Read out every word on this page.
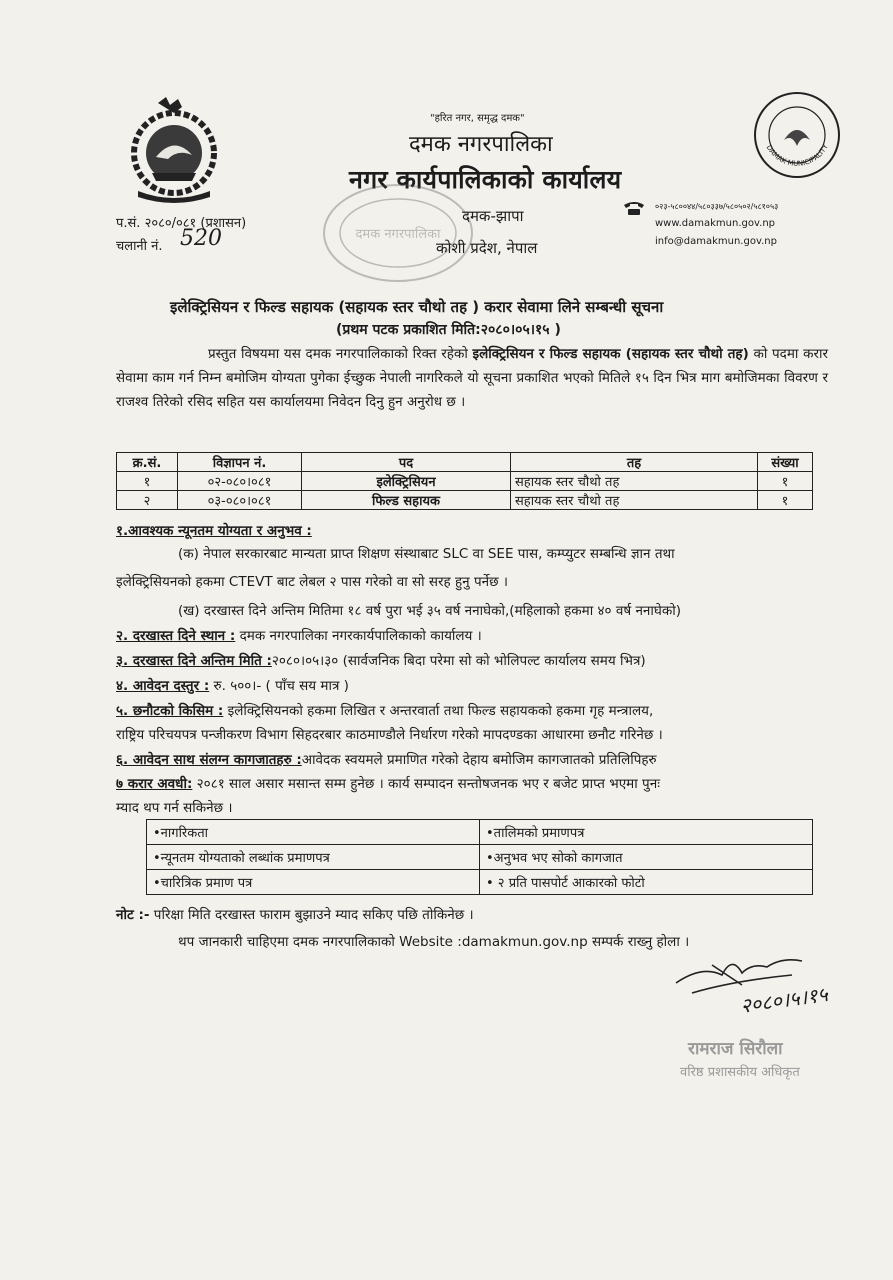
"हरित नगर, समृद्ध दमक"
दमक नगरपालिका
नगर कार्यपालिकाको कार्यालय
दमक नगरपालिका
दमक-झापा
कोशी प्रदेश, नेपाल
०२३-५८००४४/५८०३३७/५८०५०२/५८१०५३
www.damakmun.gov.np
info@damakmun.gov.np
DAMAK MUNICIPALITY
प.सं. २०८०/०८१ (प्रशासन)
चलानी नं. 520
इलेक्ट्रिसियन र फिल्ड सहायक (सहायक स्तर चौथो तह ) करार सेवामा लिने सम्बन्धी सूचना
(प्रथम पटक प्रकाशित मिति:२०८०।०५।१५ )
प्रस्तुत विषयमा यस दमक नगरपालिकाको रिक्त रहेको इलेक्ट्रिसियन र फिल्ड सहायक (सहायक स्तर चौथो तह) को पदमा करार सेवामा काम गर्न निम्न बमोजिम योग्यता पुगेका ईच्छुक नेपाली नागरिकले यो सूचना प्रकाशित भएको मितिले १५ दिन भित्र माग बमोजिमका विवरण र राजश्व तिरेको रसिद सहित यस कार्यालयमा निवेदन दिनु हुन अनुरोध छ ।
क्र.सं.	विज्ञापन नं.	पद	तह	संख्या
१	०२-०८०।०८१	इलेक्ट्रिसियन	सहायक स्तर चौथो तह	१
२	०३-०८०।०८१	फिल्ड सहायक	सहायक स्तर चौथो तह	१
१.आवश्यक न्यूनतम योग्यता र अनुभव :
(क) नेपाल सरकारबाट मान्यता प्राप्त शिक्षण संस्थाबाट SLC वा SEE पास, कम्प्युटर सम्बन्धि ज्ञान तथा
इलेक्ट्रिसियनको हकमा CTEVT बाट लेबल २ पास गरेको वा सो सरह हुनु पर्नेछ ।
(ख) दरखास्त दिने अन्तिम मितिमा १८ वर्ष पुरा भई ३५ वर्ष ननाघेको,(महिलाको हकमा ४० वर्ष ननाघेको)
२. दरखास्त दिने स्थान : दमक नगरपालिका नगरकार्यपालिकाको कार्यालय ।
३. दरखास्त दिने अन्तिम मिति :२०८०।०५।३० (सार्वजनिक बिदा परेमा सो को भोलिपल्ट कार्यालय समय भित्र)
४. आवेदन दस्तुर : रु. ५००।- ( पाँच सय मात्र )
५. छनौटको किसिम : इलेक्ट्रिसियनको हकमा लिखित र अन्तरवार्ता तथा फिल्ड सहायकको हकमा गृह मन्त्रालय,
राष्ट्रिय परिचयपत्र पन्जीकरण विभाग सिहदरबार काठमाण्डौले निर्धारण गरेको मापदण्डका आधारमा छनौट गरिनेछ ।
६. आवेदन साथ संलग्न कागजातहरु :आवेदक स्वयमले प्रमाणित गरेको देहाय बमोजिम कागजातको प्रतिलिपिहरु
७ करार अवधी: २०८१ साल असार मसान्त सम्म हुनेछ । कार्य सम्पादन सन्तोषजनक भए र बजेट प्राप्त भएमा पुनः
म्याद थप गर्न सकिनेछ ।
•नागरिकता	•तालिमको प्रमाणपत्र
•न्यूनतम योग्यताको लब्धांक प्रमाणपत्र	•अनुभव भए सोको कागजात
•चारित्रिक प्रमाण पत्र	• २ प्रति पासपोर्ट आकारको फोटो
नोट :- परिक्षा मिति दरखास्त फाराम बुझाउने म्याद सकिए पछि तोकिनेछ ।
थप जानकारी चाहिएमा दमक नगरपालिकाको Website :damakmun.gov.np सम्पर्क राख्नु होला ।
२०८०।५।१५
रामराज सिरौला
वरिष्ठ प्रशासकीय अधिकृत
